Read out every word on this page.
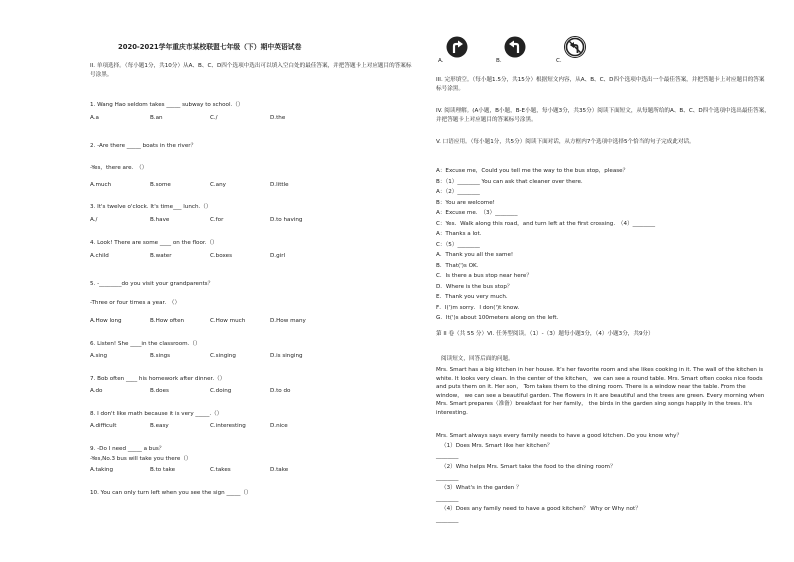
2020-2021学年重庆市某校联盟七年级（下）期中英语试卷
II. 单项选择。（每小题1分，共10分）从A、B、C、D四个选项中选出可以填入空白处的最佳答案，并把答题卡上对应题目的答案标号涂黑。
1. Wang Hao seldom takes _____ subway to school.（）
A.a	B.an	C./	D.the
2. -Are there _____ boats in the river？
-Yes，there are.　（）
A.much	B.some	C.any	D.little
3. It's twelve o'clock. It's time___ lunch.（）
A./	B.have	C.for	D.to having
4. Look! There are some ____ on the floor.（）
A.child	B.water	C.boxes	D.girl
5. -________do you visit your grandparents？
-Three or four times a year.　（）
A.How long	B.How often	C.How much	D.How many
6. Listen! She ____in the classroom.（）
A.sing	B.sings	C.singing	D.is singing
7. Bob often ____ his homework after dinner.（）
A.do	B.does	C.doing	D.to do
8. I don't like math because it is very _____.（）
A.difficult	B.easy	C.interesting	D.nice
9. -Do I need _____ a bus？
-Yes,No.3 bus will take you there（）
A.taking	B.to take	C.takes	D.take
10. You can only turn left when you see the sign _____（）
A.	B.	C.
III. 完形填空。（每小题1.5分，共15分）根据短文内容，从A、B、C、D四个选项中选出一个最佳答案，并把答题卡上对应题目的答案标号涂黑。
IV. 阅读理解。(A小题，B小题，B-E小题，每小题3分，共35分）阅读下面短文，从每题所给的A、B、C、D四个选项中选出最佳答案，并把答题卡上对应题目的答案标号涂黑。
V. 口语应用。（每小题1分，共5分）阅读下面对话，从方框内7个选项中选择5个恰当的句子完成此对话。
A：Excuse me，Could you tell me the way to the bus stop，please？
B：（1）________ You can ask that cleaner over there.
A：（2）________
B：You are welcome!
A：Excuse me.　（3）________
C：Yes．Walk along this road，and turn left at the first crossing.　（4）________
A：Thanks a lot.
C：（5）________
A．Thank you all the same!
B．That(')s OK.
C．Is there a bus stop near here？
D．Where is the bus stop？
E．Thank you very much.
F．I(')m sorry．I don(')t know.
G．It(')s about 100meters along on the left.
第 II 卷（共 55 分）VI. 任务型阅读。（1）-（3）题每小题3分，（4）小题3分，共9分）
阅读短文，回答后面的问题。
Mrs. Smart has a big kitchen in her house. It's her favorite room and she likes cooking in it. The wall of the kitchen is white. It looks very clean. In the center of the kitchen， we can see a round table. Mrs. Smart often cooks nice foods and puts them on it. Her son， Tom takes them to the dining room. There is a window near the table. From the window， we can see a beautiful garden. The flowers in it are beautiful and the trees are green. Every morning when Mrs. Smart prepares（准备）breakfast for her family， the birds in the garden sing songs happily in the trees. It's interesting.
Mrs. Smart always says every family needs to have a good kitchen. Do you know why？
（1）Does Mrs. Smart like her kitchen？
________
（2）Who helps Mrs. Smart take the food to the dining room？
________
（3）What's in the garden ？
________
（4）Does any family need to have a good kitchen？ Why or Why not？
________
